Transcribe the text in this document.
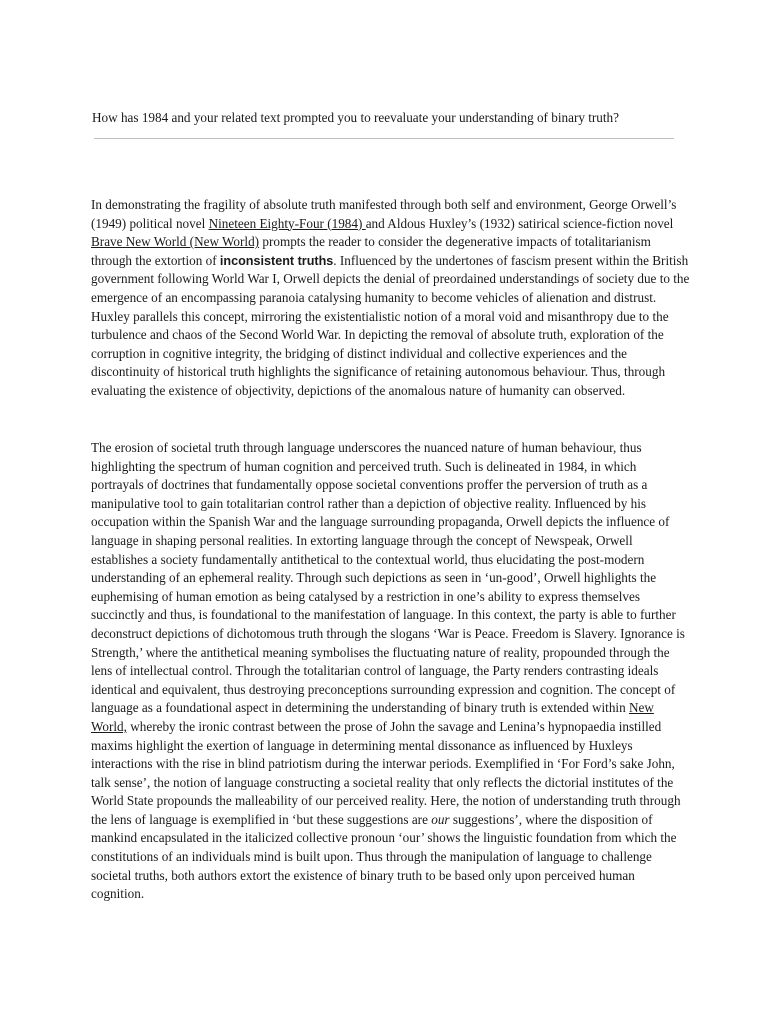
How has 1984 and your related text prompted you to reevaluate your understanding of binary truth?

In demonstrating the fragility of absolute truth manifested through both self and environment, George Orwell’s (1949) political novel Nineteen Eighty-Four (1984) and Aldous Huxley’s (1932) satirical science-fiction novel Brave New World (New World) prompts the reader to consider the degenerative impacts of totalitarianism through the extortion of inconsistent truths. Influenced by the undertones of fascism present within the British government following World War I, Orwell depicts the denial of preordained understandings of society due to the emergence of an encompassing paranoia catalysing humanity to become vehicles of alienation and distrust. Huxley parallels this concept, mirroring the existentialistic notion of a moral void and misanthropy due to the turbulence and chaos of the Second World War. In depicting the removal of absolute truth, exploration of the corruption in cognitive integrity, the bridging of distinct individual and collective experiences and the discontinuity of historical truth highlights the significance of retaining autonomous behaviour. Thus, through evaluating the existence of objectivity, depictions of the anomalous nature of humanity can observed.

The erosion of societal truth through language underscores the nuanced nature of human behaviour, thus highlighting the spectrum of human cognition and perceived truth. Such is delineated in 1984, in which portrayals of doctrines that fundamentally oppose societal conventions proffer the perversion of truth as a manipulative tool to gain totalitarian control rather than a depiction of objective reality. Influenced by his occupation within the Spanish War and the language surrounding propaganda, Orwell depicts the influence of language in shaping personal realities. In extorting language through the concept of Newspeak, Orwell establishes a society fundamentally antithetical to the contextual world, thus elucidating the post-modern understanding of an ephemeral reality. Through such depictions as seen in ‘un-good’, Orwell highlights the euphemising of human emotion as being catalysed by a restriction in one’s ability to express themselves succinctly and thus, is foundational to the manifestation of language. In this context, the party is able to further deconstruct depictions of dichotomous truth through the slogans ‘War is Peace. Freedom is Slavery. Ignorance is Strength,’ where the antithetical meaning symbolises the fluctuating nature of reality, propounded through the lens of intellectual control. Through the totalitarian control of language, the Party renders contrasting ideals identical and equivalent, thus destroying preconceptions surrounding expression and cognition. The concept of language as a foundational aspect in determining the understanding of binary truth is extended within New World, whereby the ironic contrast between the prose of John the savage and Lenina’s hypnopaedia instilled maxims highlight the exertion of language in determining mental dissonance as influenced by Huxleys interactions with the rise in blind patriotism during the interwar periods. Exemplified in ‘For Ford’s sake John, talk sense’, the notion of language constructing a societal reality that only reflects the dictorial institutes of the World State propounds the malleability of our perceived reality. Here, the notion of understanding truth through the lens of language is exemplified in ‘but these suggestions are our suggestions’, where the disposition of mankind encapsulated in the italicized collective pronoun ‘our’ shows the linguistic foundation from which the constitutions of an individuals mind is built upon. Thus through the manipulation of language to challenge societal truths, both authors extort the existence of binary truth to be based only upon perceived human cognition.
